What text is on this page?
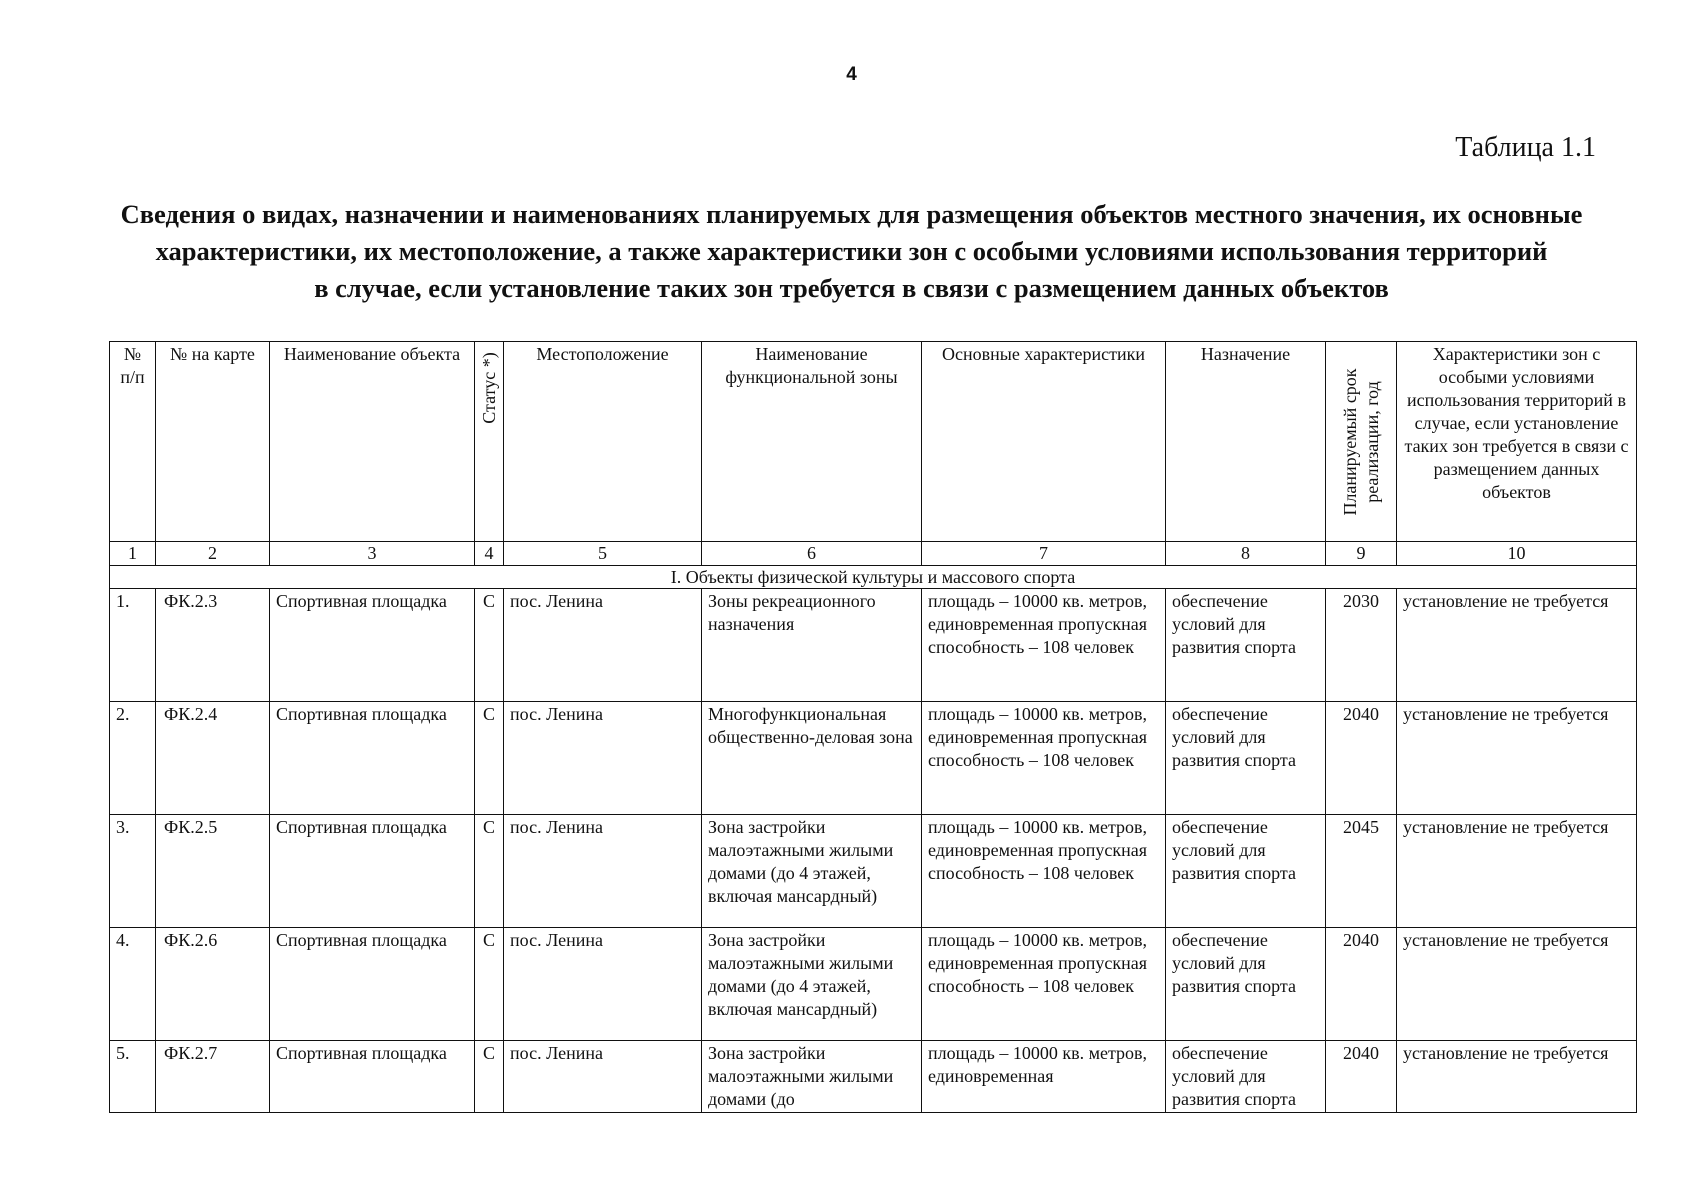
4
Таблица 1.1
Сведения о видах, назначении и наименованиях планируемых для размещения объектов местного значения, их основные
характеристики, их местоположение, а также характеристики зон с особыми условиями использования территорий
в случае, если установление таких зон требуется в связи с размещением данных объектов
№ п/п	№ на карте	Наименование объекта	Статус *)	Местоположение	Наименование функциональной зоны	Основные характеристики	Назначение	Планируемый срок реализации, год	Характеристики зон с особыми условиями использования территорий в случае, если установление таких зон требуется в связи с размещением данных объектов
1	2	3	4	5	6	7	8	9	10
I. Объекты физической культуры и массового спорта									
1.	ФК.2.3	Спортивная площадка	С	пос. Ленина	Зоны рекреационного назначения	площадь – 10000 кв. метров, единовременная пропускная способность – 108 человек	обеспечение условий для развития спорта	2030	установление не требуется
2.	ФК.2.4	Спортивная площадка	С	пос. Ленина	Многофункциональная общественно-деловая зона	площадь – 10000 кв. метров, единовременная пропускная способность – 108 человек	обеспечение условий для развития спорта	2040	установление не требуется
3.	ФК.2.5	Спортивная площадка	С	пос. Ленина	Зона застройки малоэтажными жилыми домами (до 4 этажей, включая мансардный)	площадь – 10000 кв. метров, единовременная пропускная способность – 108 человек	обеспечение условий для развития спорта	2045	установление не требуется
4.	ФК.2.6	Спортивная площадка	С	пос. Ленина	Зона застройки малоэтажными жилыми домами (до 4 этажей, включая мансардный)	площадь – 10000 кв. метров, единовременная пропускная способность – 108 человек	обеспечение условий для развития спорта	2040	установление не требуется
5.	ФК.2.7	Спортивная площадка	С	пос. Ленина	Зона застройки малоэтажными жилыми домами (до	площадь – 10000 кв. метров, единовременная	обеспечение условий для развития спорта	2040	установление не требуется
